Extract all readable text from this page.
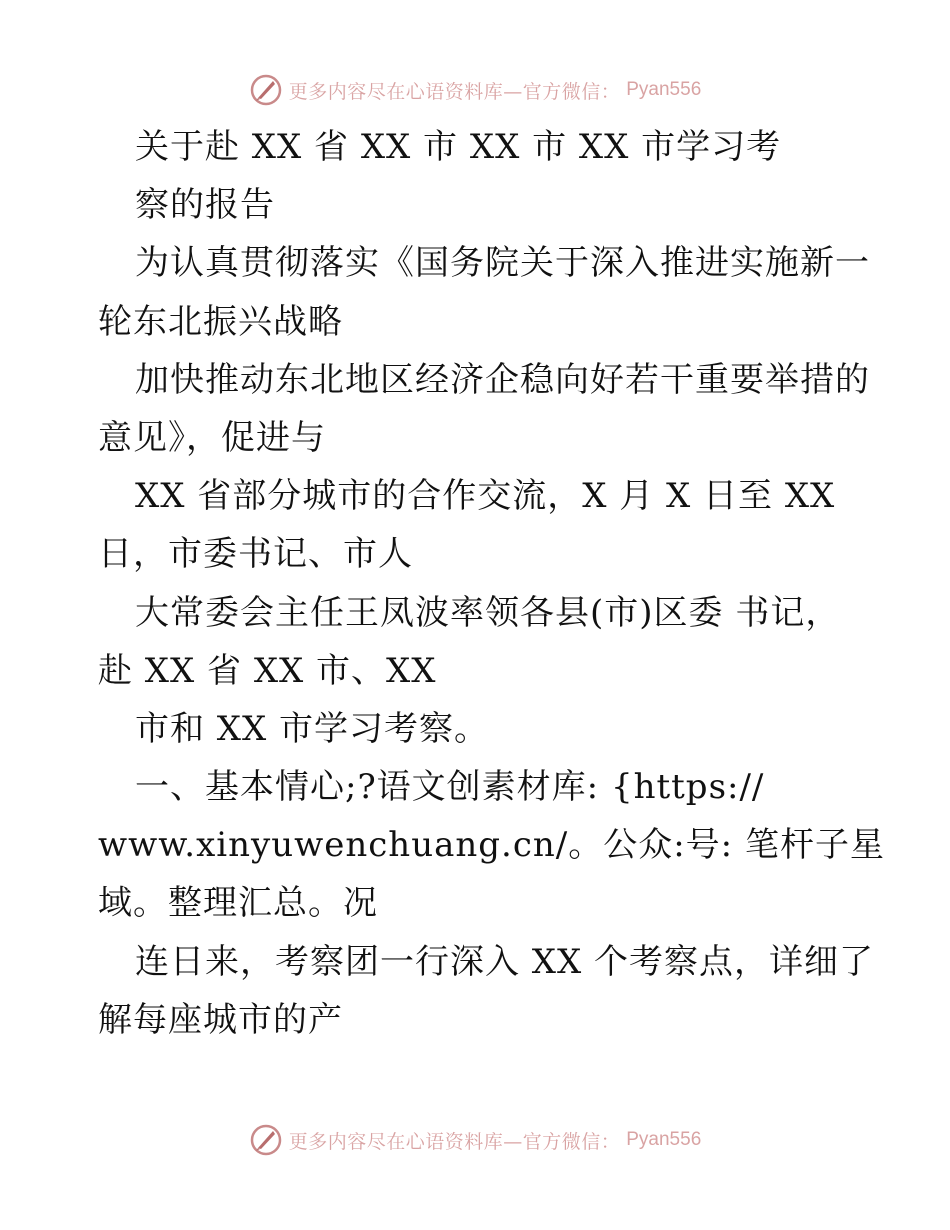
更多内容尽在心语资料库—官方微信： Pyan556
关于赴 XX 省 XX 市 XX 市 XX 市学习考
察的报告
为认真贯彻落实《国务院关于深入推进实施新一
轮东北振兴战略
加快推动东北地区经济企稳向好若干重要举措的
意见》，促进与
XX 省部分城市的合作交流，X 月 X 日至 XX
日，市委书记、市人
大常委会主任王凤波率领各县(市)区委 书记，
赴 XX 省 XX 市、XX
市和 XX 市学习考察。
一、基本情心;?语文创素材库: {https://
www.xinyuwenchuang.cn/。公众:号: 笔杆子星
域。整理汇总。况
连日来，考察团一行深入 XX 个考察点，详细了
解每座城市的产
更多内容尽在心语资料库—官方微信： Pyan556
